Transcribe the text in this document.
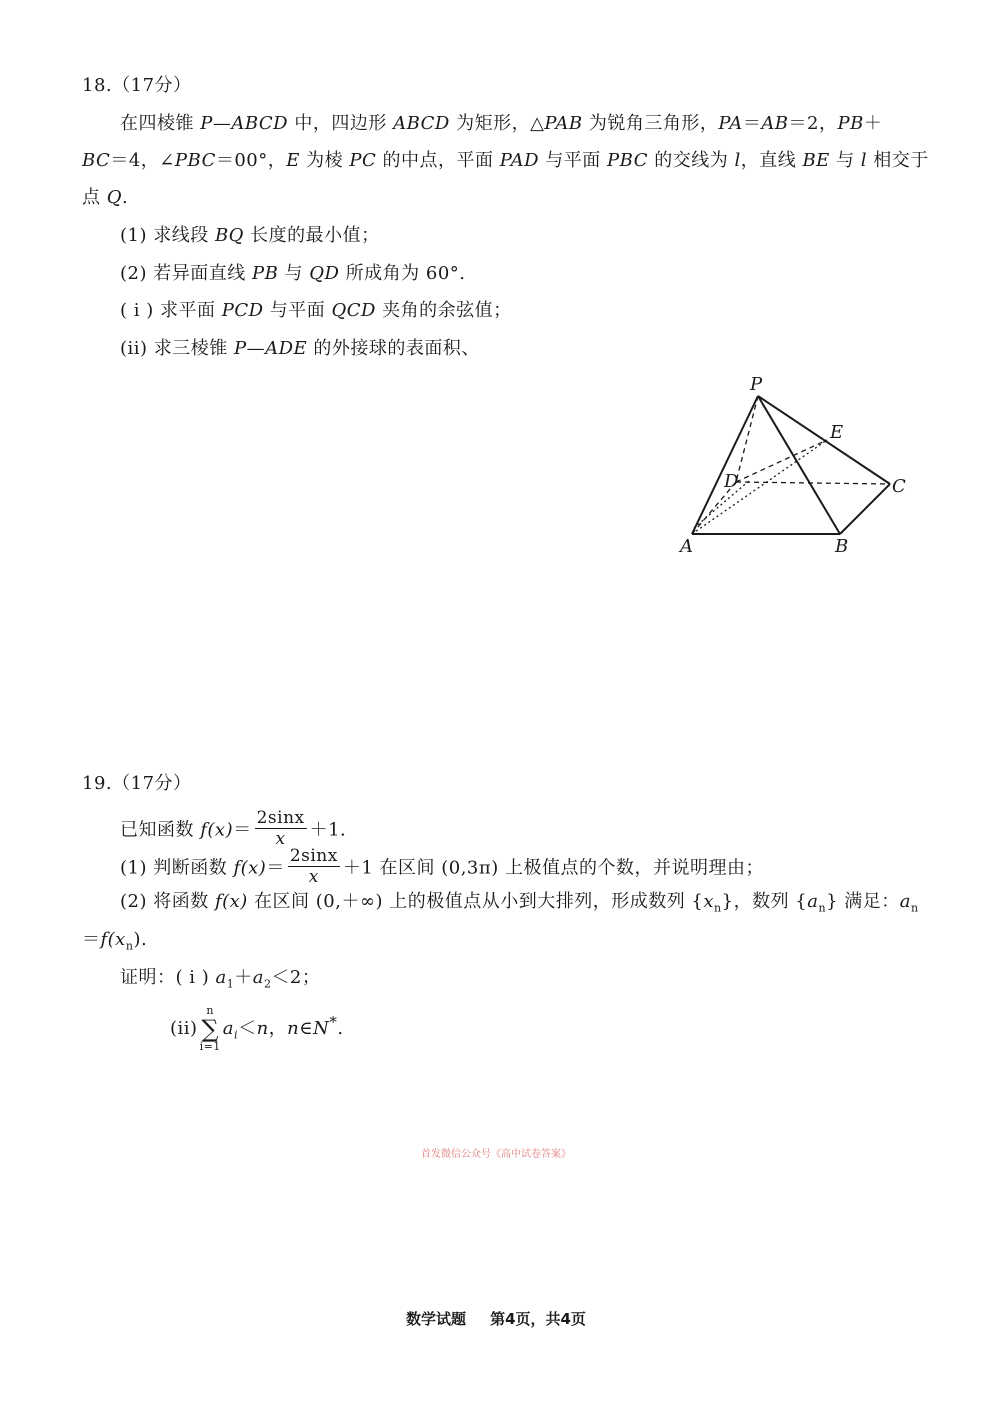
18.（17分）
在四棱锥 P—ABCD 中，四边形 ABCD 为矩形，△PAB 为锐角三角形，PA＝AB＝2，PB＋
BC＝4，∠PBC＝00°，E 为棱 PC 的中点，平面 PAD 与平面 PBC 的交线为 l，直线 BE 与 l 相交于
点 Q.
(1) 求线段 BQ 长度的最小值；
(2) 若异面直线 PB 与 QD 所成角为 60°.
( i ) 求平面 PCD 与平面 QCD 夹角的余弦值；
(ii) 求三棱锥 P—ADE 的外接球的表面积、
P
E
D	C
A	B
19.（17分）
已知函数 $f(x)= \frac{2\sin x}{x} +1$.
(1) 判断函数 $f(x)= \frac{2\sin x}{x} +1$ 在区间 (0,3π) 上极值点的个数，并说明理由；
(2) 将函数 f(x) 在区间 (0,＋∞) 上的极值点从小到大排列，形成数列 $\{x_n\}$，数列 $\{a_n\}$ 满足：$a_n$
$=f(x_n)$.
证明：( i ) $a_1+a_2<2$；
(ii)
n
∑
i=1
$a_i<n$，n∈N*.
首发微信公众号《高中试卷答案》
数学试题 第4页，共4页
